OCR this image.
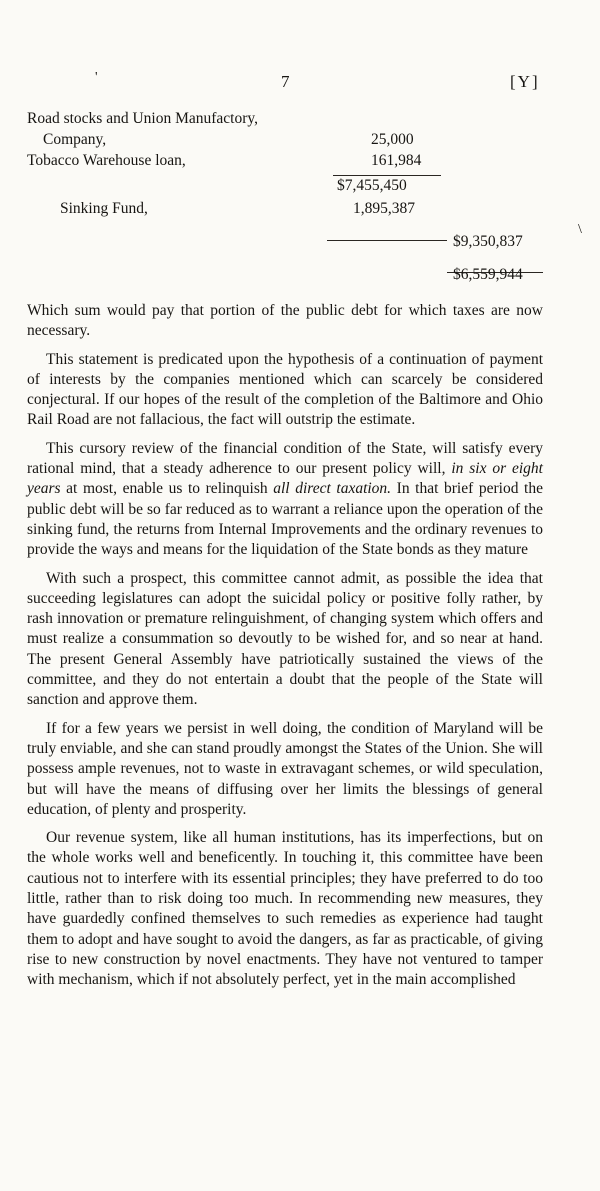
'	7	[Y]
\
Road stocks and Union Manufactory,
Company,	25,000
Tobacco Warehouse loan,	161,984
$7,455,450
Sinking Fund,	1,895,387
$9,350,837
$6,559,944

Which sum would pay that portion of the public debt for which taxes are now necessary.

This statement is predicated upon the hypothesis of a continuation of payment of interests by the companies mentioned which can scarcely be considered conjectural. If our hopes of the result of the completion of the Baltimore and Ohio Rail Road are not fallacious, the fact will outstrip the estimate.

This cursory review of the financial condition of the State, will satisfy every rational mind, that a steady adherence to our present policy will, in six or eight years at most, enable us to relinquish all direct taxation. In that brief period the public debt will be so far reduced as to warrant a reliance upon the operation of the sinking fund, the returns from Internal Improvements and the ordinary revenues to provide the ways and means for the liquidation of the State bonds as they mature

With such a prospect, this committee cannot admit, as possible the idea that succeeding legislatures can adopt the suicidal policy or positive folly rather, by rash innovation or premature relinguishment, of changing system which offers and must realize a consummation so devoutly to be wished for, and so near at hand. The present General Assembly have patriotically sustained the views of the committee, and they do not entertain a doubt that the people of the State will sanction and approve them.

If for a few years we persist in well doing, the condition of Maryland will be truly enviable, and she can stand proudly amongst the States of the Union. She will possess ample revenues, not to waste in extravagant schemes, or wild speculation, but will have the means of diffusing over her limits the blessings of general education, of plenty and prosperity.

Our revenue system, like all human institutions, has its imperfections, but on the whole works well and beneficently. In touching it, this committee have been cautious not to interfere with its essential principles; they have preferred to do too little, rather than to risk doing too much. In recommending new measures, they have guardedly confined themselves to such remedies as experience had taught them to adopt and have sought to avoid the dangers, as far as practicable, of giving rise to new construction by novel enactments. They have not ventured to tamper with mechanism, which if not absolutely perfect, yet in the main accomplished
